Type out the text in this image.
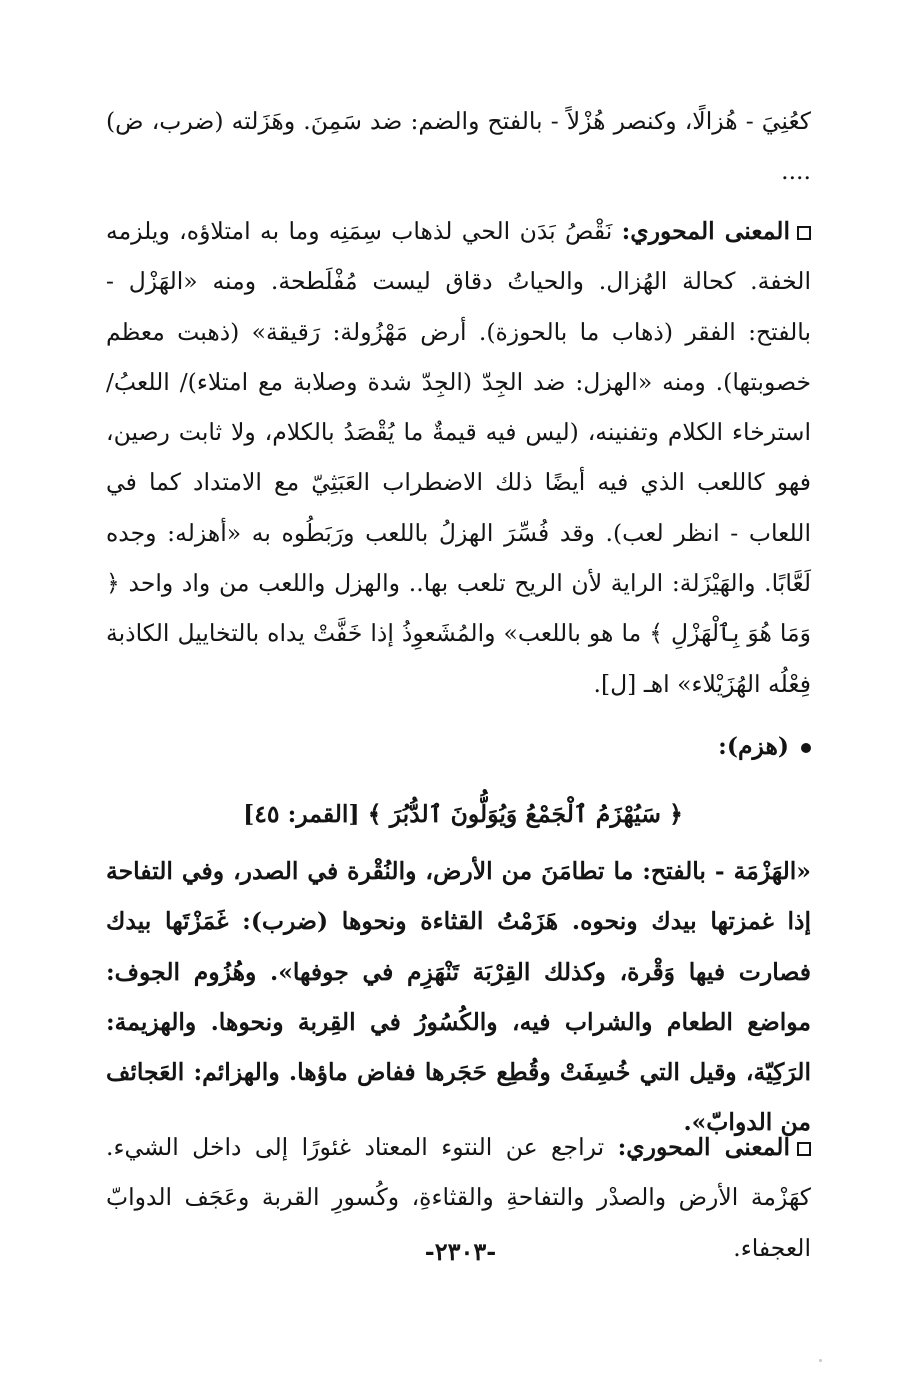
كعُنِيَ - هُزالًا، وكنصر هُزْلاً - بالفتح والضم: ضد سَمِنَ. وهَزَلته (ضرب، ض) ....
المعنى المحوري: نَقْصُ بَدَن الحي لذهاب سِمَنِه وما به امتلاؤه، ويلزمه الخفة. كحالة الهُزال. والحياتُ دقاق ليست مُفْلَطحة. ومنه «الهَزْل - بالفتح: الفقر (ذهاب ما بالحوزة). أرض مَهْزُولة: رَقيقة» (ذهبت معظم خصوبتها). ومنه «الهزل: ضد الجِدّ (الجِدّ شدة وصلابة مع امتلاء)/ اللعبُ/ استرخاء الكلام وتفنينه، (ليس فيه قيمةٌ ما يُقْصَدُ بالكلام، ولا ثابت رصين، فهو كاللعب الذي فيه أيضًا ذلك الاضطراب العَبَثِيّ مع الامتداد كما في اللعاب - انظر لعب). وقد فُسِّرَ الهزلُ باللعب ورَبَطُوه به «أهزله: وجده لَعَّابًا. والهَيْزَلة: الراية لأن الريح تلعب بها.. والهزل واللعب من واد واحد ﴿ وَمَا هُوَ بِٱلْهَزْلِ ﴾ ما هو باللعب» والمُشَعوِذُ إذا خَفَّتْ يداه بالتخاييل الكاذبة فِعْلُه الهُزَيْلاء» اهـ [ل].
(هزم):
﴿ سَيُهْزَمُ ٱلْجَمْعُ وَيُوَلُّونَ ٱلدُّبُرَ ﴾ [القمر: ٤٥]
«الهَزْمَة - بالفتح: ما تطامَنَ من الأرض، والنُقْرة في الصدر، وفي التفاحة إذا غمزتها بيدك ونحوه. هَزَمْتُ القثاءة ونحوها (ضرب): غَمَزْتَها بيدك فصارت فيها وَقْرة، وكذلك القِرْبَة تَنْهَزِم في جوفها». وهُزُوم الجوف: مواضع الطعام والشراب فيه، والكُسُورُ في القِربة ونحوها. والهزيمة: الرَكِيّة، وقيل التي خُسِفَتْ وقُطِع حَجَرها ففاض ماؤها. والهزائم: العَجائف من الدوابّ».
المعنى المحوري: تراجع عن النتوء المعتاد غئورًا إلى داخل الشيء. كهَزْمة الأرض والصدْر والتفاحةِ والقثاءةِ، وكُسورِ القربة وعَجَف الدوابّ العجفاء.
-٢٣٠٣-
